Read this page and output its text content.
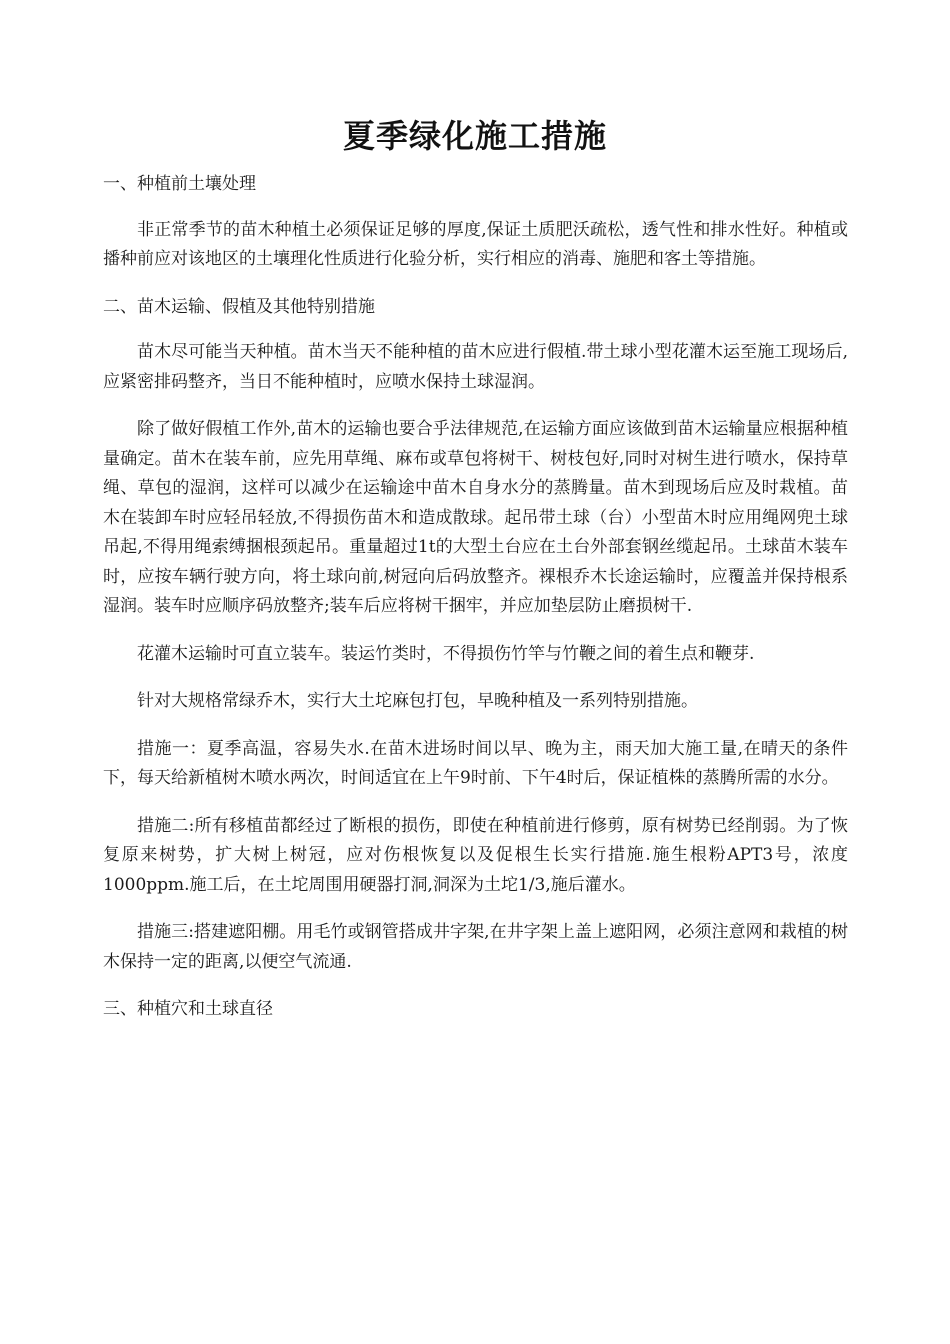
夏季绿化施工措施

一、种植前土壤处理

非正常季节的苗木种植土必须保证足够的厚度,保证土质肥沃疏松，透气性和排水性好。种植或播种前应对该地区的土壤理化性质进行化验分析，实行相应的消毒、施肥和客土等措施。

二、苗木运输、假植及其他特别措施

苗木尽可能当天种植。苗木当天不能种植的苗木应进行假植.带土球小型花灌木运至施工现场后,应紧密排码整齐，当日不能种植时，应喷水保持土球湿润。

除了做好假植工作外,苗木的运输也要合乎法律规范,在运输方面应该做到苗木运输量应根据种植量确定。苗木在装车前，应先用草绳、麻布或草包将树干、树枝包好,同时对树生进行喷水，保持草绳、草包的湿润，这样可以减少在运输途中苗木自身水分的蒸腾量。苗木到现场后应及时栽植。苗木在装卸车时应轻吊轻放,不得损伤苗木和造成散球。起吊带土球（台）小型苗木时应用绳网兜土球吊起,不得用绳索缚捆根颈起吊。重量超过1t的大型土台应在土台外部套钢丝缆起吊。土球苗木装车时，应按车辆行驶方向，将土球向前,树冠向后码放整齐。裸根乔木长途运输时，应覆盖并保持根系湿润。装车时应顺序码放整齐;装车后应将树干捆牢，并应加垫层防止磨损树干.

花灌木运输时可直立装车。装运竹类时，不得损伤竹竿与竹鞭之间的着生点和鞭芽.

针对大规格常绿乔木，实行大土坨麻包打包，早晚种植及一系列特别措施。

措施一：夏季高温，容易失水.在苗木进场时间以早、晚为主，雨天加大施工量,在晴天的条件下，每天给新植树木喷水两次，时间适宜在上午9时前、下午4时后，保证植株的蒸腾所需的水分。

措施二:所有移植苗都经过了断根的损伤，即使在种植前进行修剪，原有树势已经削弱。为了恢复原来树势，扩大树上树冠，应对伤根恢复以及促根生长实行措施.施生根粉APT3号，浓度1000ppm.施工后，在土坨周围用硬器打洞,洞深为土坨1/3,施后灌水。

措施三:搭建遮阳棚。用毛竹或钢管搭成井字架,在井字架上盖上遮阳网，必须注意网和栽植的树木保持一定的距离,以便空气流通.

三、种植穴和土球直径
